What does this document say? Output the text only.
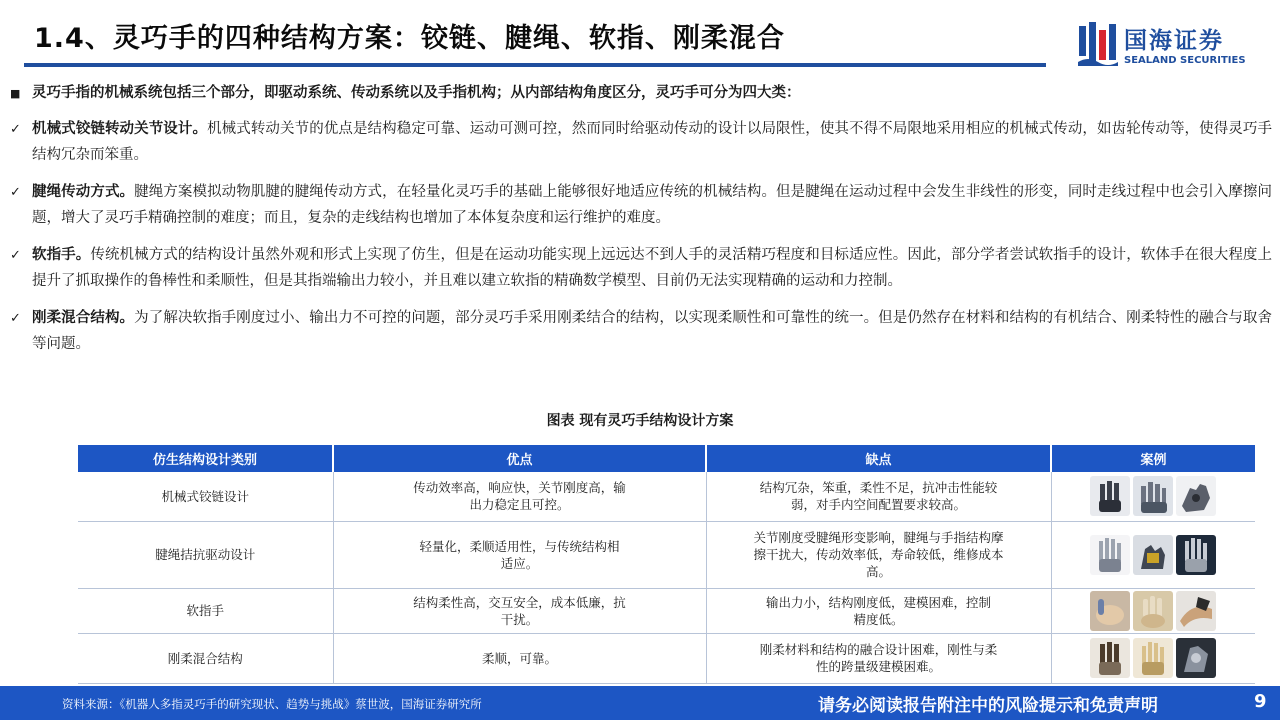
1.4、灵巧手的四种结构方案：铰链、腱绳、软指、刚柔混合	国海证券
SEALAND SECURITIES
■ 灵巧手指的机械系统包括三个部分，即驱动系统、传动系统以及手指机构；从内部结构角度区分，灵巧手可分为四大类：
✓ 机械式铰链转动关节设计。机械式转动关节的优点是结构稳定可靠、运动可测可控，然而同时给驱动传动的设计以局限性，使其不得不局限地采用相应的机械式传动，如齿轮传动等，使得灵巧手结构冗杂而笨重。
✓ 腱绳传动方式。腱绳方案模拟动物肌腱的腱绳传动方式，在轻量化灵巧手的基础上能够很好地适应传统的机械结构。但是腱绳在运动过程中会发生非线性的形变，同时走线过程中也会引入摩擦问题，增大了灵巧手精确控制的难度；而且，复杂的走线结构也增加了本体复杂度和运行维护的难度。
✓ 软指手。传统机械方式的结构设计虽然外观和形式上实现了仿生，但是在运动功能实现上远远达不到人手的灵活精巧程度和目标适应性。因此，部分学者尝试软指手的设计，软体手在很大程度上提升了抓取操作的鲁棒性和柔顺性，但是其指端输出力较小，并且难以建立软指的精确数学模型、目前仍无法实现精确的运动和力控制。
✓ 刚柔混合结构。为了解决软指手刚度过小、输出力不可控的问题，部分灵巧手采用刚柔结合的结构，以实现柔顺性和可靠性的统一。但是仍然存在材料和结构的有机结合、刚柔特性的融合与取舍等问题。
图表 现有灵巧手结构设计方案
仿生结构设计类别	优点	缺点	案例
机械式铰链设计	传动效率高，响应快，关节刚度高，输出力稳定且可控。	结构冗杂，笨重，柔性不足，抗冲击性能较弱，对手内空间配置要求较高。	

腱绳拮抗驱动设计	轻量化，柔顺适用性，与传统结构相适应。	关节刚度受腱绳形变影响，腱绳与手指结构摩擦干扰大，传动效率低，寿命较低，维修成本高。	

软指手	结构柔性高，交互安全，成本低廉，抗干扰。	输出力小，结构刚度低，建模困难，控制精度低。	

刚柔混合结构	柔顺，可靠。	刚柔材料和结构的融合设计困难，刚性与柔性的跨量级建模困难。	
资料来源：《机器人多指灵巧手的研究现状、趋势与挑战》蔡世波，国海证券研究所	请务必阅读报告附注中的风险提示和免责声明	9
